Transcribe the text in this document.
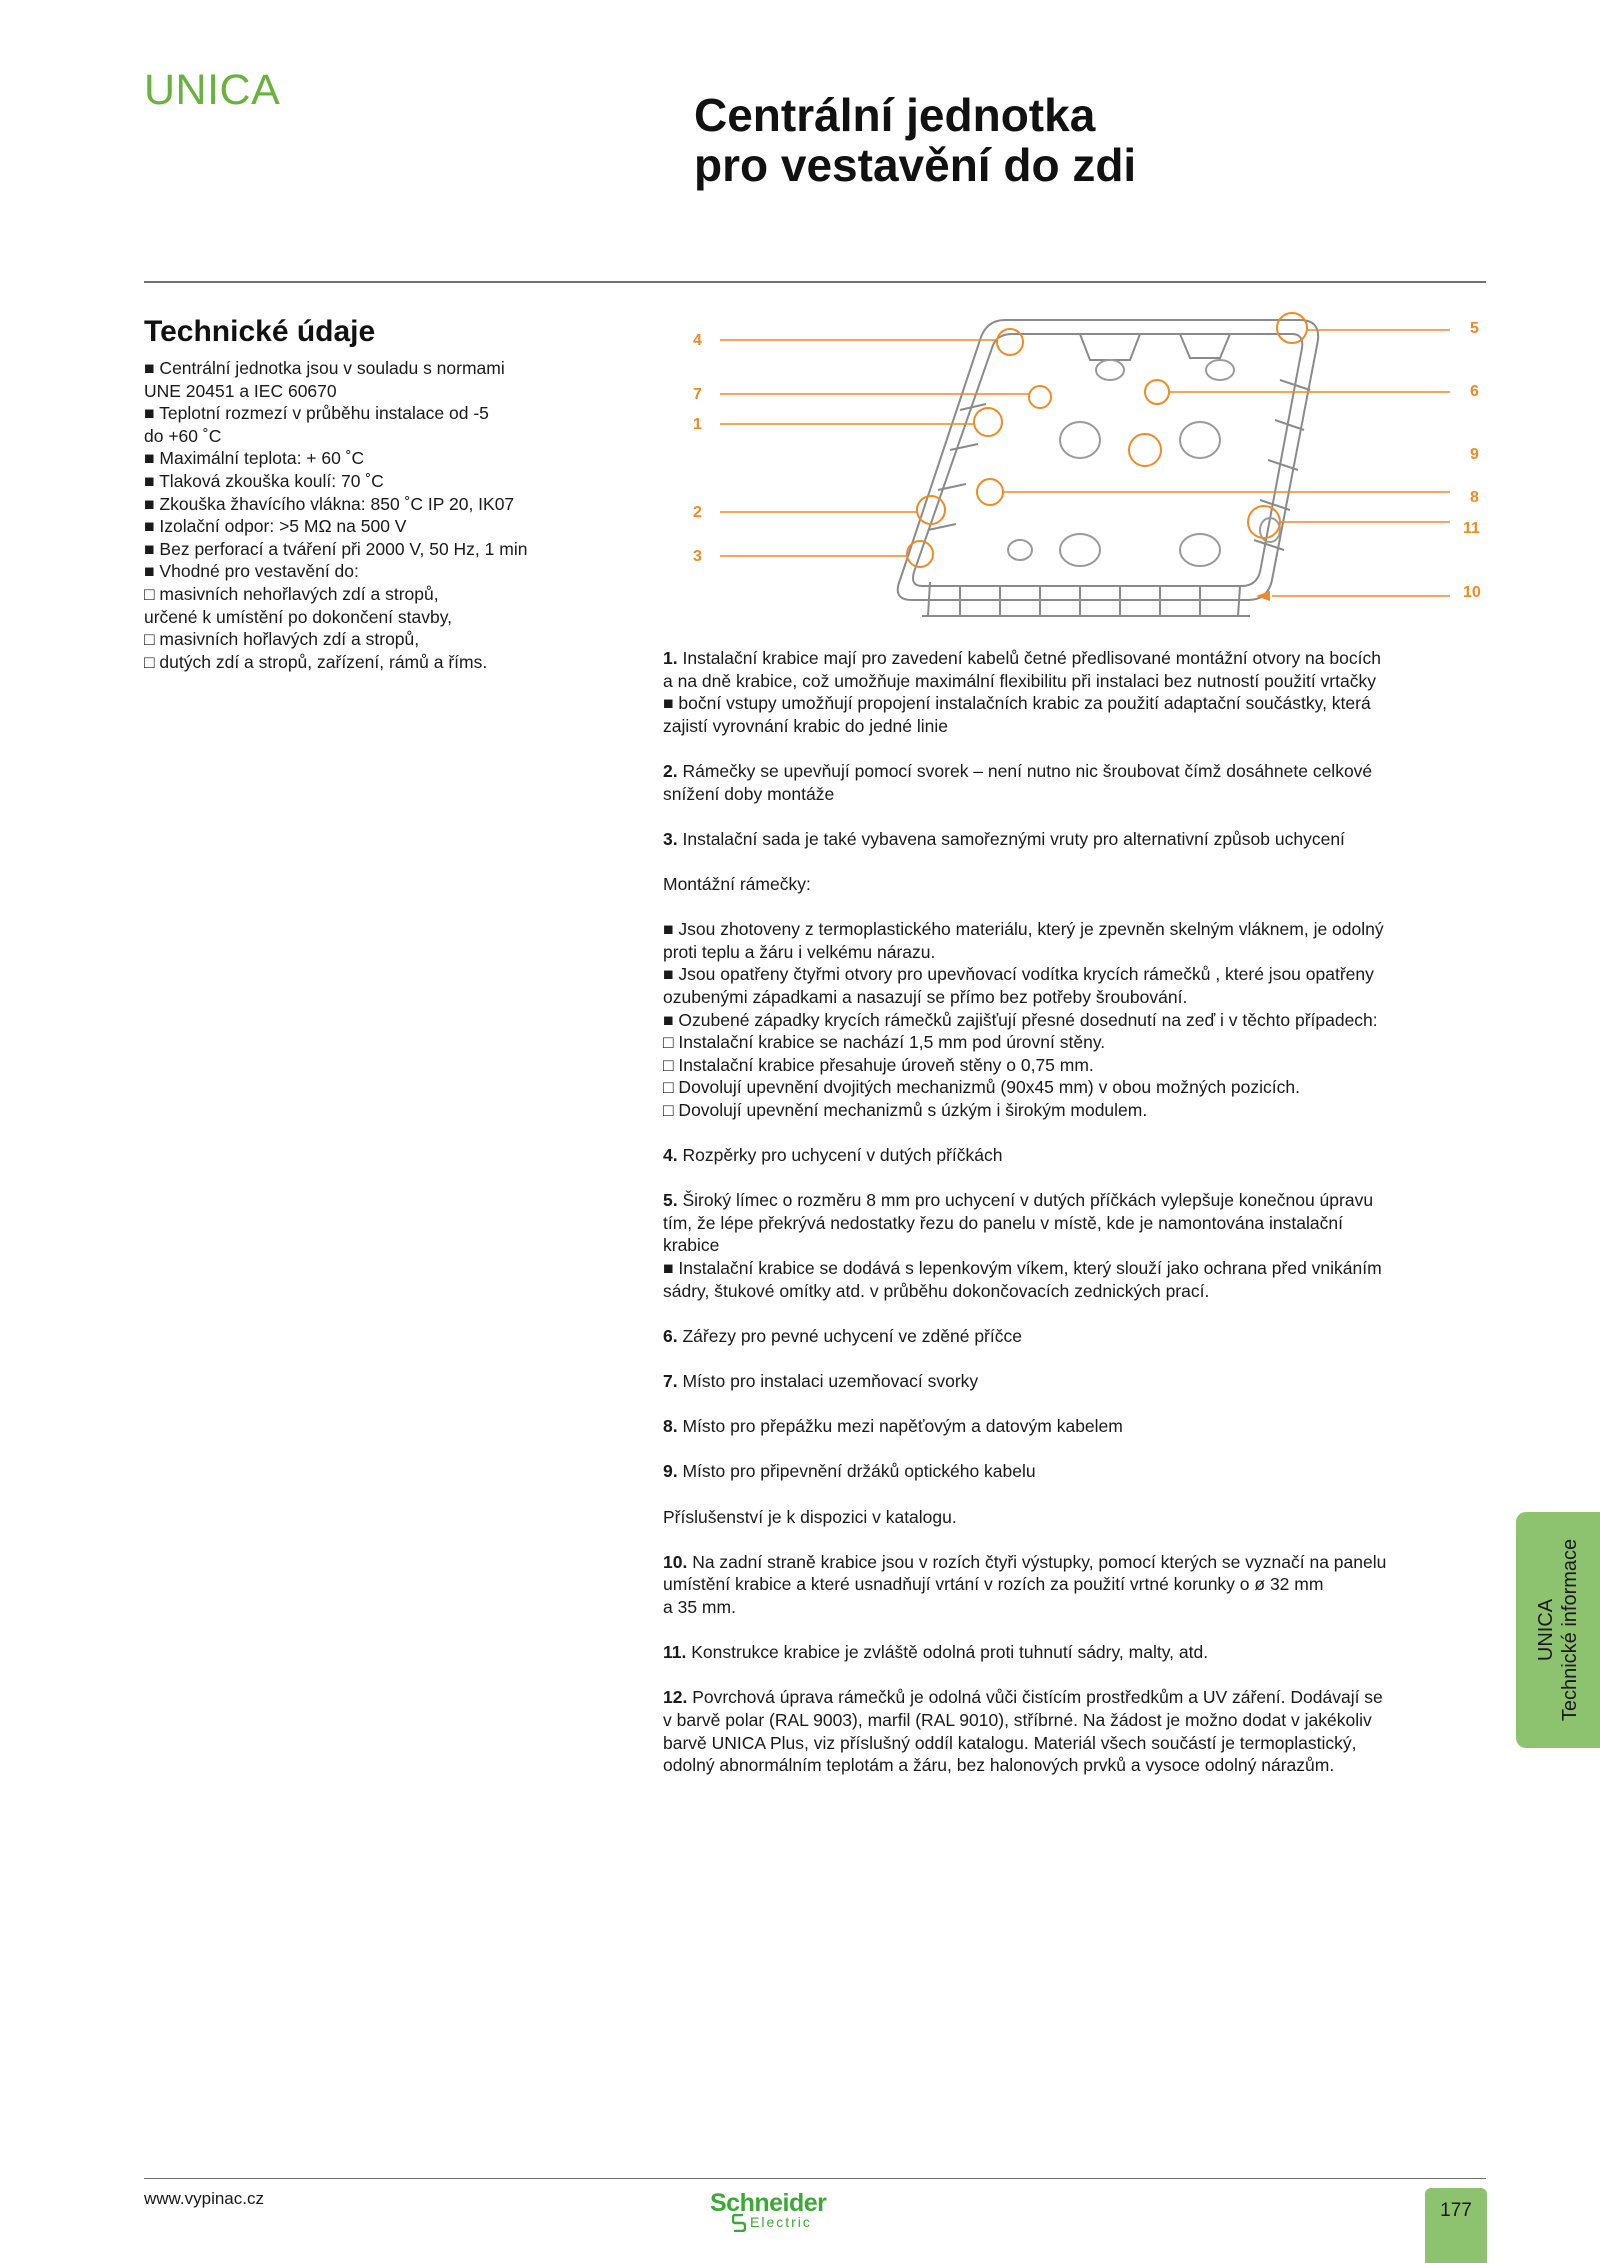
UNICA	Centrální jednotka
pro vestavění do zdi
Technické údaje
■ Centrální jednotka jsou v souladu s normami
UNE 20451 a IEC 60670
■ Teplotní rozmezí v průběhu instalace od -5
do +60 ˚C
■ Maximální teplota: + 60 ˚C
■ Tlaková zkouška koulí: 70 ˚C
■ Zkouška žhavícího vlákna: 850 ˚C IP 20, IK07
■ Izolační odpor: >5 MΩ na 500 V
■ Bez perforací a tváření při 2000 V, 50 Hz, 1 min
■ Vhodné pro vestavění do:
□ masivních nehořlavých zdí a stropů,
určené k umístění po dokončení stavby,
□ masivních hořlavých zdí a stropů,
□ dutých zdí a stropů, zařízení, rámů a říms.
4
7
1
2
3
5
6
9
8
11
10

1. Instalační krabice mají pro zavedení kabelů četné předlisované montážní otvory na bocích
a na dně krabice, což umožňuje maximální flexibilitu při instalaci bez nutností použití vrtačky
■ boční vstupy umožňují propojení instalačních krabic za použití adaptační součástky, která
zajistí vyrovnání krabic do jedné linie

2. Rámečky se upevňují pomocí svorek – není nutno nic šroubovat čímž dosáhnete celkové
snížení doby montáže

3. Instalační sada je také vybavena samořeznými vruty pro alternativní způsob uchycení

Montážní rámečky:

■ Jsou zhotoveny z termoplastického materiálu, který je zpevněn skelným vláknem, je odolný
proti teplu a žáru i velkému nárazu.
■ Jsou opatřeny čtyřmi otvory pro upevňovací vodítka krycích rámečků , které jsou opatřeny
ozubenými západkami a nasazují se přímo bez potřeby šroubování.
■ Ozubené západky krycích rámečků zajišťují přesné dosednutí na zeď i v těchto případech:
□ Instalační krabice se nachází 1,5 mm pod úrovní stěny.
□ Instalační krabice přesahuje úroveň stěny o 0,75 mm.
□ Dovolují upevnění dvojitých mechanizmů (90x45 mm) v obou možných pozicích.
□ Dovolují upevnění mechanizmů s úzkým i širokým modulem.

4. Rozpěrky pro uchycení v dutých příčkách

5. Široký límec o rozměru 8 mm pro uchycení v dutých příčkách vylepšuje konečnou úpravu
tím, že lépe překrývá nedostatky řezu do panelu v místě, kde je namontována instalační
krabice
■ Instalační krabice se dodává s lepenkovým víkem, který slouží jako ochrana před vnikáním
sádry, štukové omítky atd. v průběhu dokončovacích zednických prací.

6. Zářezy pro pevné uchycení ve zděné příčce

7. Místo pro instalaci uzemňovací svorky

8. Místo pro přepážku mezi napěťovým a datovým kabelem

9. Místo pro připevnění držáků optického kabelu

Příslušenství je k dispozici v katalogu.

10. Na zadní straně krabice jsou v rozích čtyři výstupky, pomocí kterých se vyznačí na panelu
umístění krabice a které usnadňují vrtání v rozích za použití vrtné korunky o ø 32 mm
a 35 mm.

11. Konstrukce krabice je zvláště odolná proti tuhnutí sádry, malty, atd.

12. Povrchová úprava rámečků je odolná vůči čistícím prostředkům a UV záření. Dodávají se
v barvě polar (RAL 9003), marfil (RAL 9010), stříbrné. Na žádost je možno dodat v jakékoliv
barvě UNICA Plus, viz příslušný oddíl katalogu. Materiál všech součástí je termoplastický,
odolný abnormálním teplotám a žáru, bez halonových prvků a vysoce odolný nárazům.

UNICA Technické informace
www.vypinac.cz	Schneider
Electric
177
